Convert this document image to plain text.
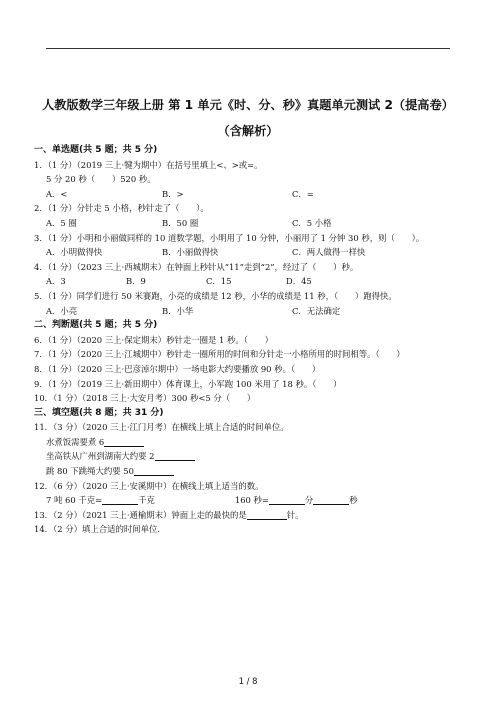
人教版数学三年级上册 第 1 单元《时、分、秒》真题单元测试 2（提高卷）
（含解析）
一、单选题(共 5 题；共 5 分)
1．（1 分）（2019 三上·犍为期中）在括号里填上<、>或=。
5 分 20 秒（　　）520 秒。
A．<	B．>	C．=
2．（1 分）分针走 5 小格，秒针走了（　　）。
A．5 圈	B．50 圈	C．5 小格
3．（1 分）小明和小丽做同样的 10 道数学题，小明用了 10 分钟，小丽用了 1 分钟 30 秒，则（　　）。
A．小明做得快	B．小丽做得快	C．两人做得一样快
4．（1 分）（2023 三上·西城期末）在钟面上秒针从“11”走到“2”，经过了（　　）秒。
A．3	B．9	C．15	D．45
5．（1 分）同学们进行 50 米赛跑，小亮的成绩是 12 秒，小华的成绩是 11 秒，（　　）跑得快。
A．小亮	B．小华	C．无法确定
二、判断题(共 5 题；共 5 分)
6．（1 分）（2020 三上·保定期末）秒针走一圈是 1 秒。（　　）
7．（1 分）（2020 三上·江城期中）秒针走一圈所用的时间和分针走一小格所用的时间相等。（　　）
8．（1 分）（2020 三上·巴彦淖尔期中）一场电影大约要播放 90 秒。（　　）
9．（1 分）（2019 三上·新田期中）体育课上，小军跑 100 米用了 18 秒。（　　）
10．（1 分）（2018 三上·大安月考）300 秒<5 分（　　）
三、填空题(共 8 题；共 31 分)
11．（3 分）（2020 三上·江门月考）在横线上填上合适的时间单位。
水煮饭需要煮 6
坐高铁从广州到湖南大约要 2
跳 80 下跳绳大约要 50
12．（6 分）（2020 三上·安溪期中）在横线上填上适当的数。
7 吨 60 千克=	千克	160 秒=	分	秒
13．（2 分）（2021 三上·通榆期末）钟面上走的最快的是	针。
14．（2 分）填上合适的时间单位.
1 / 8
